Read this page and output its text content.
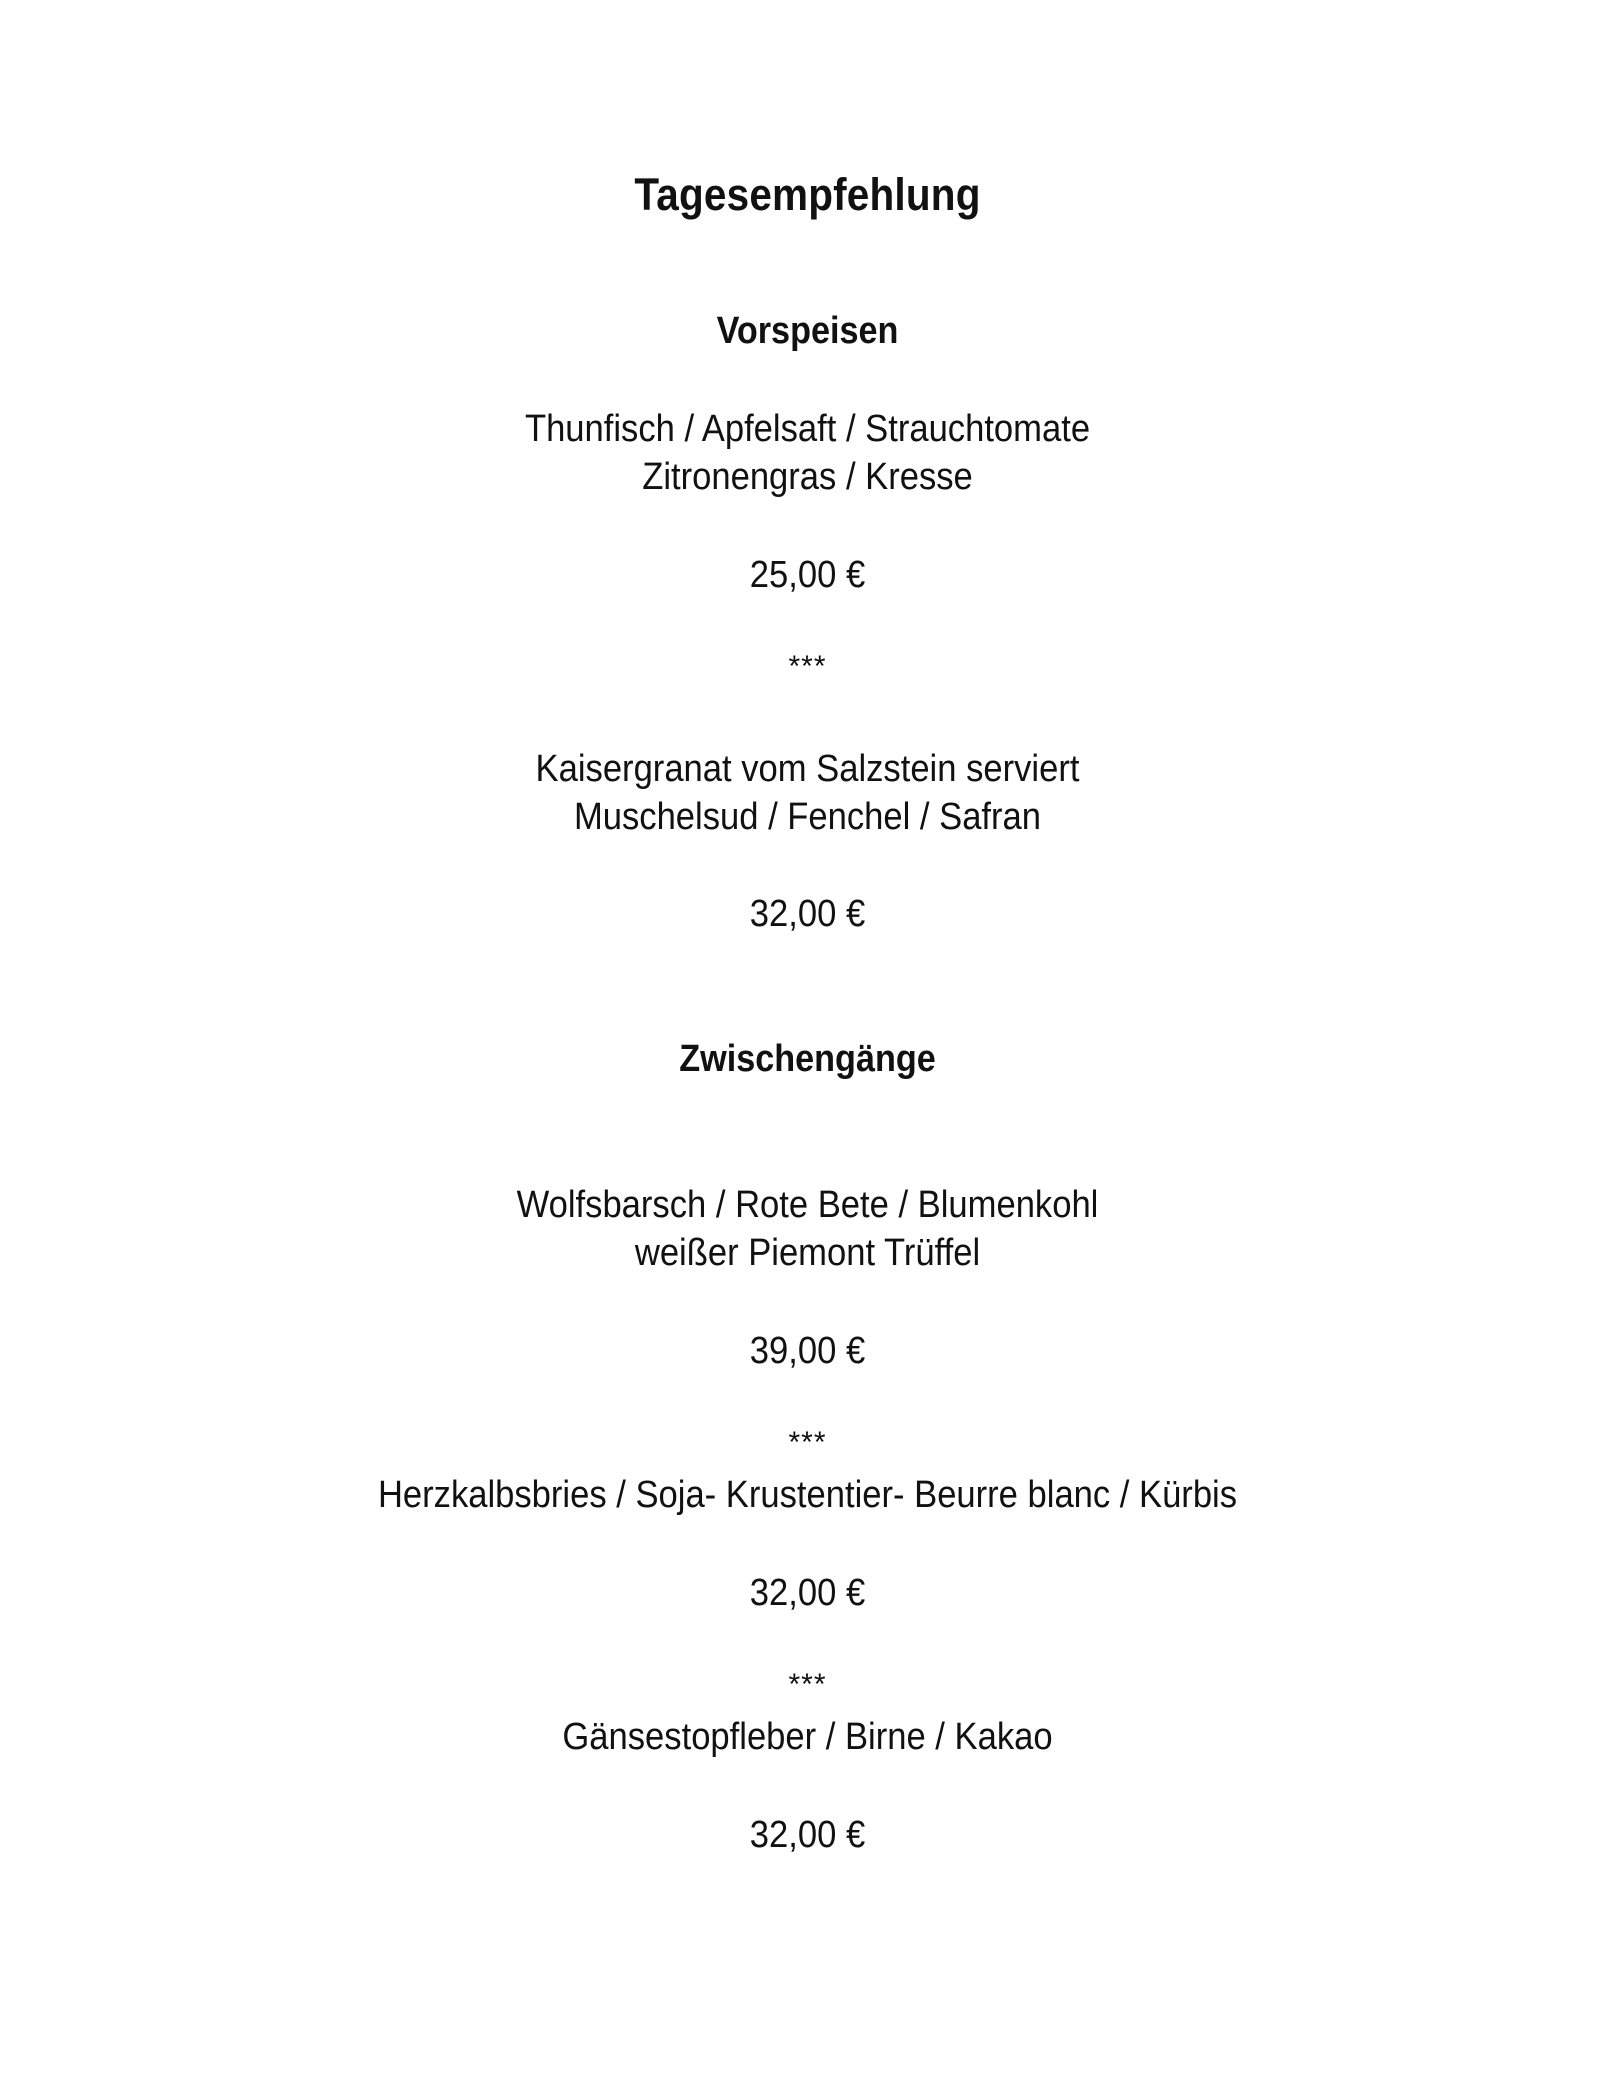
Tagesempfehlung
Vorspeisen
Thunfisch / Apfelsaft / Strauchtomate
Zitronengras / Kresse
25,00 €
***
Kaisergranat vom Salzstein serviert
Muschelsud / Fenchel / Safran
32,00 €
Zwischengänge
Wolfsbarsch / Rote Bete / Blumenkohl
weißer Piemont Trüffel
39,00 €
***
Herzkalbsbries / Soja- Krustentier- Beurre blanc / Kürbis
32,00 €
***
Gänsestopfleber / Birne / Kakao
32,00 €
